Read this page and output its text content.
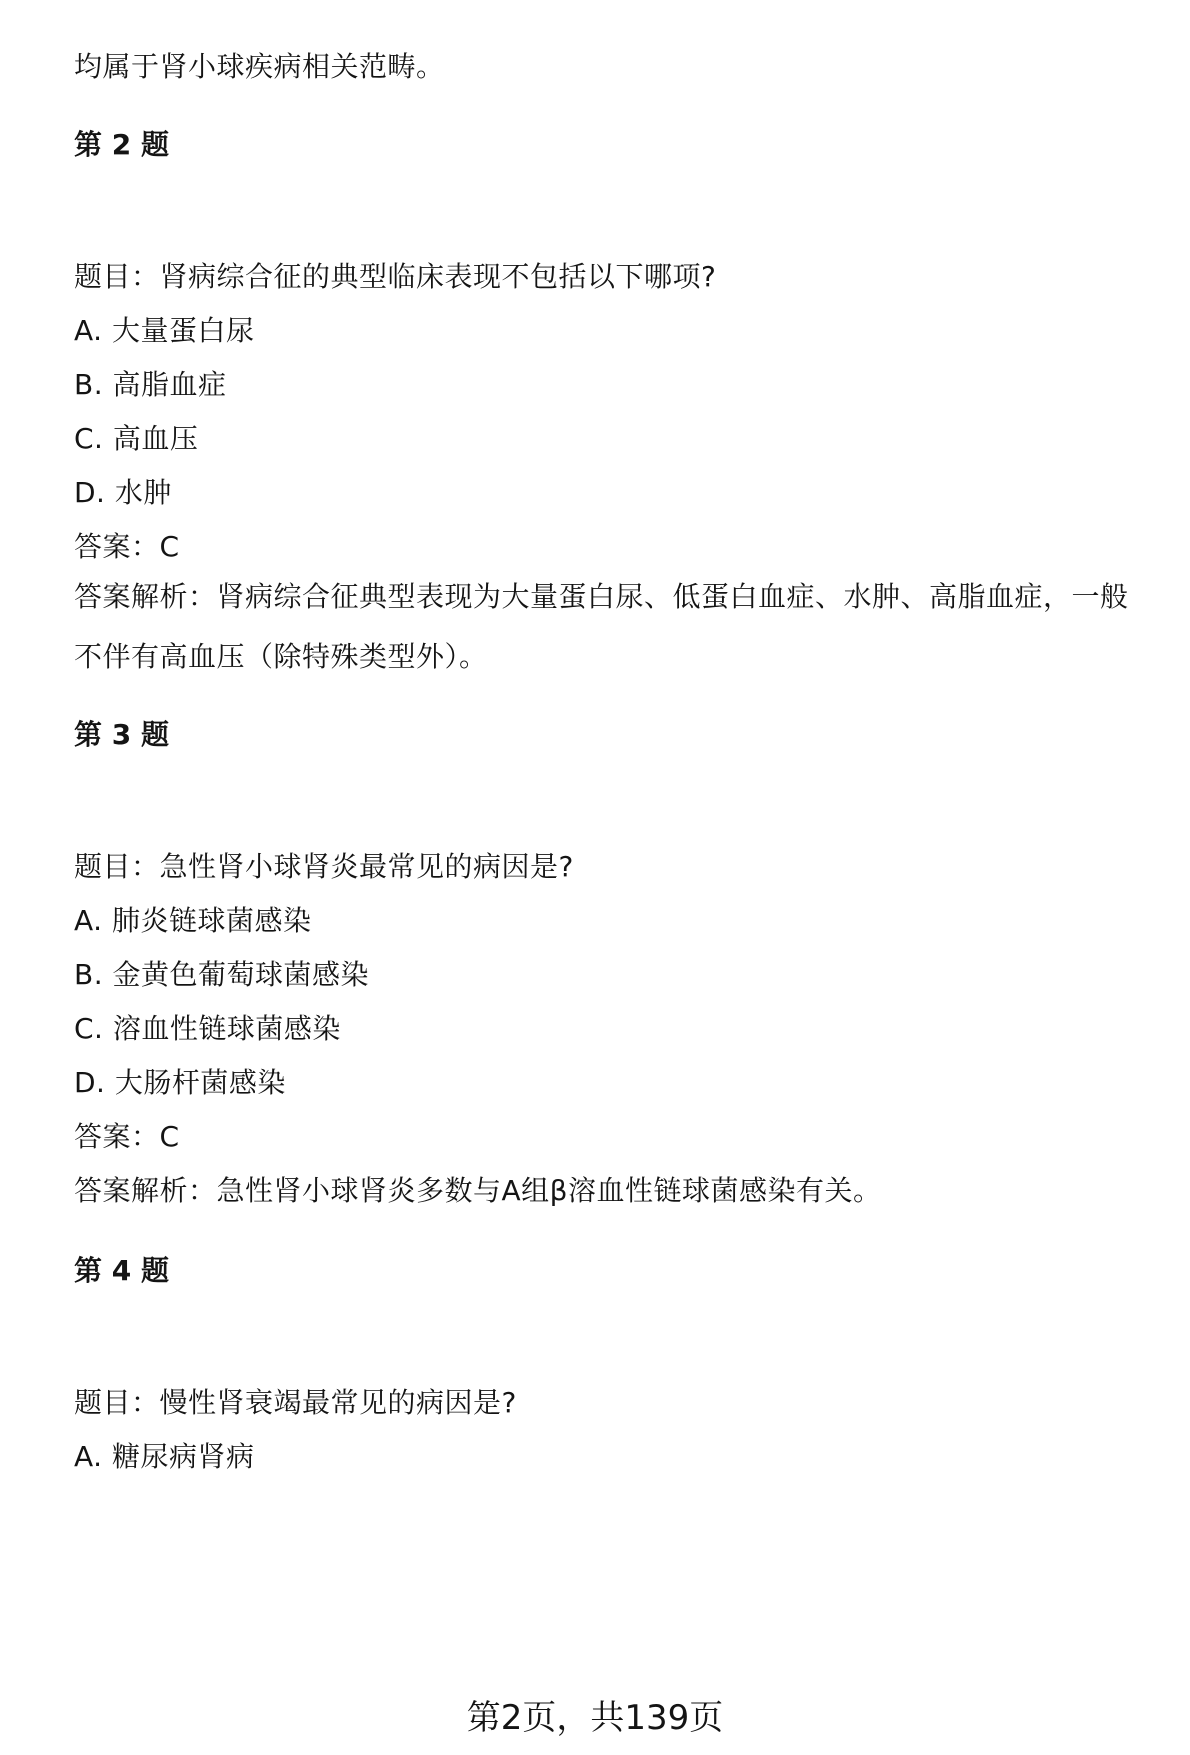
均属于肾小球疾病相关范畴。
第 2 题
题目：肾病综合征的典型临床表现不包括以下哪项?
A. 大量蛋白尿
B. 高脂血症
C. 高血压
D. 水肿
答案：C
答案解析：肾病综合征典型表现为大量蛋白尿、低蛋白血症、水肿、高脂血症，一般不伴有高血压（除特殊类型外）。
第 3 题
题目：急性肾小球肾炎最常见的病因是?
A. 肺炎链球菌感染
B. 金黄色葡萄球菌感染
C. 溶血性链球菌感染
D. 大肠杆菌感染
答案：C
答案解析：急性肾小球肾炎多数与A组β溶血性链球菌感染有关。
第 4 题
题目：慢性肾衰竭最常见的病因是?
A. 糖尿病肾病
第2页，共139页
